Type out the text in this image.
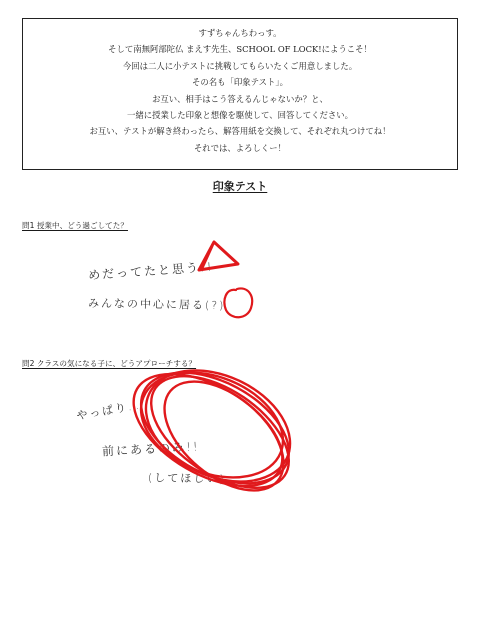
すずちゃんちわっす。
そして南無阿部陀仏 まえす先生、SCHOOL OF LOCK!にようこそ！
今回は二人に小テストに挑戦してもらいたくご用意しました。
その名も「印象テスト」。
お互い、相手はこう答えるんじゃないか？と、
一緒に授業した印象と想像を駆使して、回答してください。
お互い、テストが解き終わったら、解答用紙を交換して、それぞれ丸つけてね！
それでは、よろしくー！
印象テスト
問1 授業中、どう過ごしてた？
めだってたと思う!!
みんなの中心に居る(?)
問2 クラスの気になる子に、どうアプローチする？
やっぱり…
前にあるのみ!!
(してほしい)
